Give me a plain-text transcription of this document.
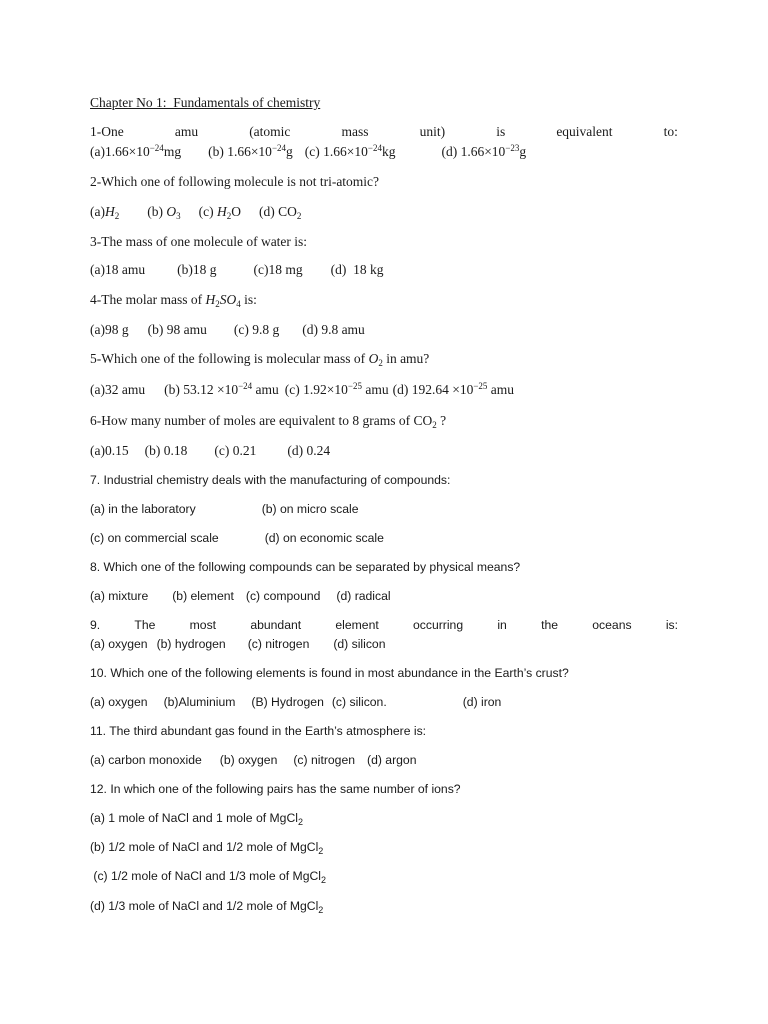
Chapter No 1:  Fundamentals of chemistry
1-One	amu	(atomic	mass	unit)	is	equivalent	to:
$(a)1.66\times 10^{-24}mg$ (b) $1.66\times 10^{-24}g$ (c) $1.66\times 10^{-24}kg$	(d) $1.66\times 10^{-23}g$
2-Which one of following molecule is not tri-atomic?
$(a)H_2$ (b) $O_3$ (c) $H_2O$ (d) $CO_2$
3-The mass of one molecule of water is:
(a)18 amu (b)18 g	(c)18 mg (d)  18 kg
4-The molar mass of $H_2SO_4$ is:
(a)98 g (b) 98 amu (c) 9.8 g (d) 9.8 amu
5-Which one of the following is molecular mass of $O_2$ in amu?
(a)32 amu (b) $53.12 \times 10^{-24}$ amu (c) $1.92\times 10^{-25}$ amu (d) $192.64 \times 10^{-25}$ amu
6-How many number of moles are equivalent to 8 grams of $CO_2$ ?
(a)0.15 (b) 0.18 (c) 0.21 (d) 0.24
7. Industrial chemistry deals with the manufacturing of compounds:
(a) in the laboratory	(b) on micro scale
(c) on commercial scale	(d) on economic scale
8. Which one of the following compounds can be separated by physical means?
(a) mixture (b) element (c) compound (d) radical
9.	The	most	abundant	element	occurring	in	the	oceans	is:
(a) oxygen (b) hydrogen (c) nitrogen (d) silicon
10. Which one of the following elements is found in most abundance in the Earth’s crust?
(a) oxygen (b)Aluminium (B) Hydrogen (c) silicon.	(d) iron
11. The third abundant gas found in the Earth’s atmosphere is:
(a) carbon monoxide (b) oxygen (c) nitrogen (d) argon
12. In which one of the following pairs has the same number of ions?
(a) 1 mole of NaCl and 1 mole of MgCl$_2$
(b) 1/2 mole of NaCl and 1/2 mole of MgCl$_2$
(c) 1/2 mole of NaCl and 1/3 mole of MgCl$_2$
(d) 1/3 mole of NaCl and 1/2 mole of MgCl$_2$
